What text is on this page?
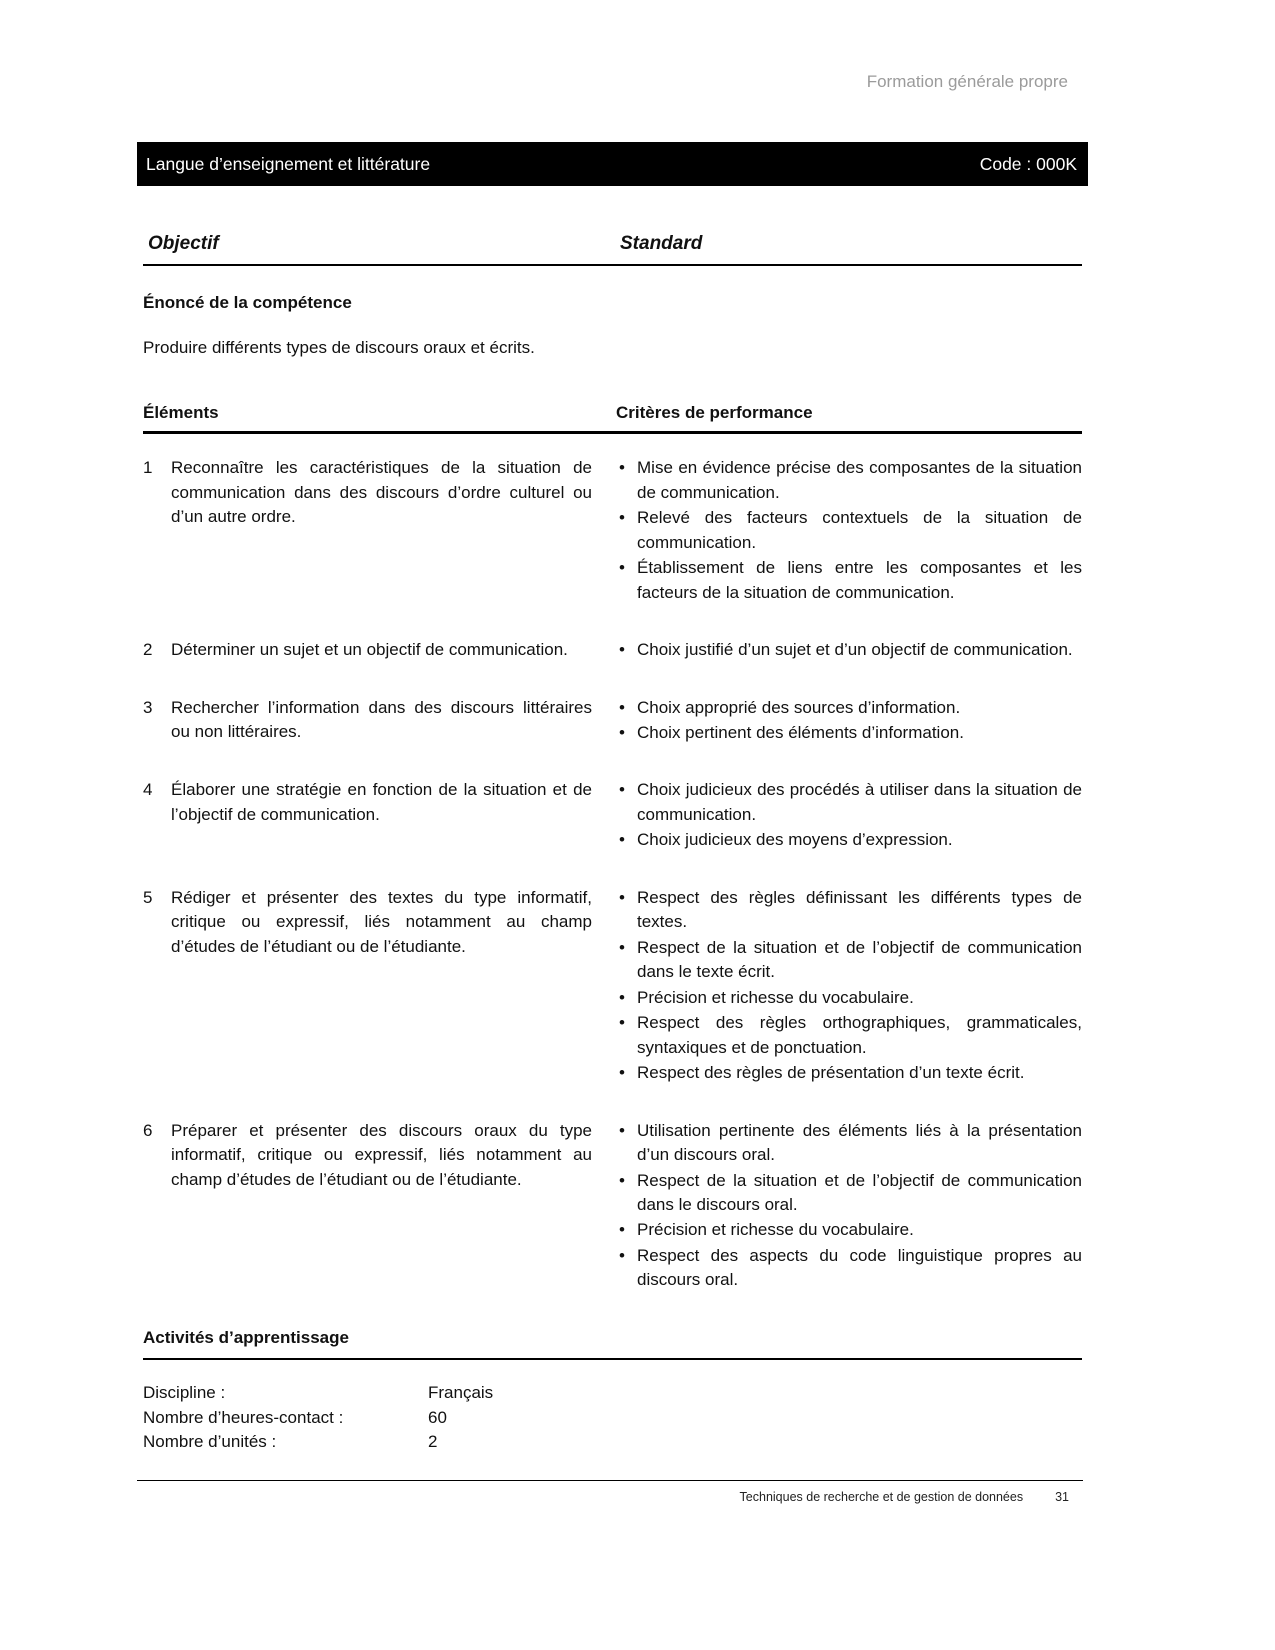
Formation générale propre
Langue d’enseignement et littérature	Code : 000K
Objectif	Standard
Énoncé de la compétence
Produire différents types de discours oraux et écrits.
Éléments	Critères de performance
1	Reconnaître les caractéristiques de la situation de communication dans des discours d’ordre culturel ou d’un autre ordre.
• Mise en évidence précise des composantes de la situation de communication.
• Relevé des facteurs contextuels de la situation de communication.
• Établissement de liens entre les composantes et les facteurs de la situation de communication.
2	Déterminer un sujet et un objectif de communication.	• Choix justifié d’un sujet et d’un objectif de communication.
3	Rechercher l’information dans des discours littéraires ou non littéraires.
• Choix approprié des sources d’information.
• Choix pertinent des éléments d’information.
4	Élaborer une stratégie en fonction de la situation et de l’objectif de communication.
• Choix judicieux des procédés à utiliser dans la situation de communication.
• Choix judicieux des moyens d’expression.
5	Rédiger et présenter des textes du type informatif, critique ou expressif, liés notamment au champ d’études de l’étudiant ou de l’étudiante.
• Respect des règles définissant les différents types de textes.
• Respect de la situation et de l’objectif de communication dans le texte écrit.
• Précision et richesse du vocabulaire.
• Respect des règles orthographiques, grammaticales, syntaxiques et de ponctuation.
• Respect des règles de présentation d’un texte écrit.
6	Préparer et présenter des discours oraux du type informatif, critique ou expressif, liés notamment au champ d’études de l’étudiant ou de l’étudiante.
• Utilisation pertinente des éléments liés à la présentation d’un discours oral.
• Respect de la situation et de l’objectif de communication dans le discours oral.
• Précision et richesse du vocabulaire.
• Respect des aspects du code linguistique propres au discours oral.
Activités d’apprentissage
Discipline :	Français
Nombre d’heures-contact :	60
Nombre d’unités :	2
Techniques de recherche et de gestion de données	31
